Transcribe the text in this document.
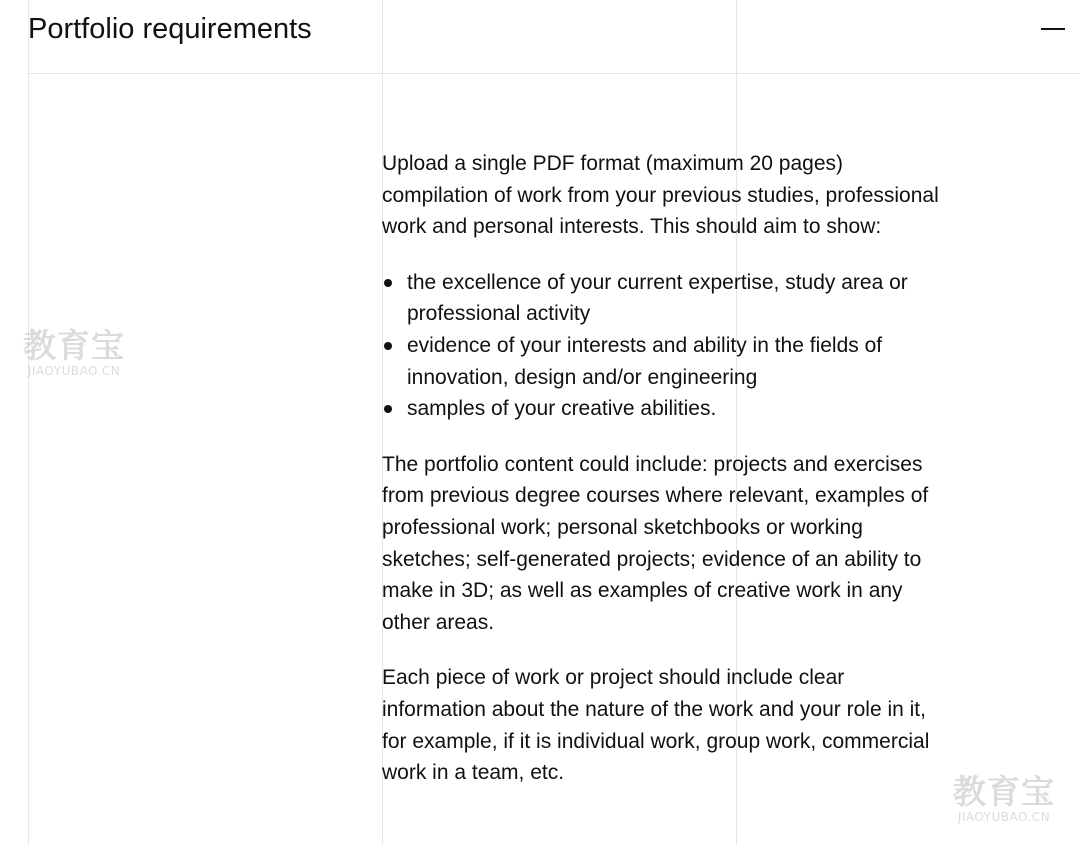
Portfolio requirements

Upload a single PDF format (maximum 20 pages) compilation of work from your previous studies, professional work and personal interests. This should aim to show:

the excellence of your current expertise, study area or professional activity
evidence of your interests and ability in the fields of innovation, design and/or engineering
samples of your creative abilities.

The portfolio content could include: projects and exercises from previous degree courses where relevant, examples of professional work; personal sketchbooks or working sketches; self-generated projects; evidence of an ability to make in 3D; as well as examples of creative work in any other areas.

Each piece of work or project should include clear information about the nature of the work and your role in it, for example, if it is individual work, group work, commercial work in a team, etc.

教育宝
JIAOYUBAO.CN
教育宝
JIAOYUBAO.CN
